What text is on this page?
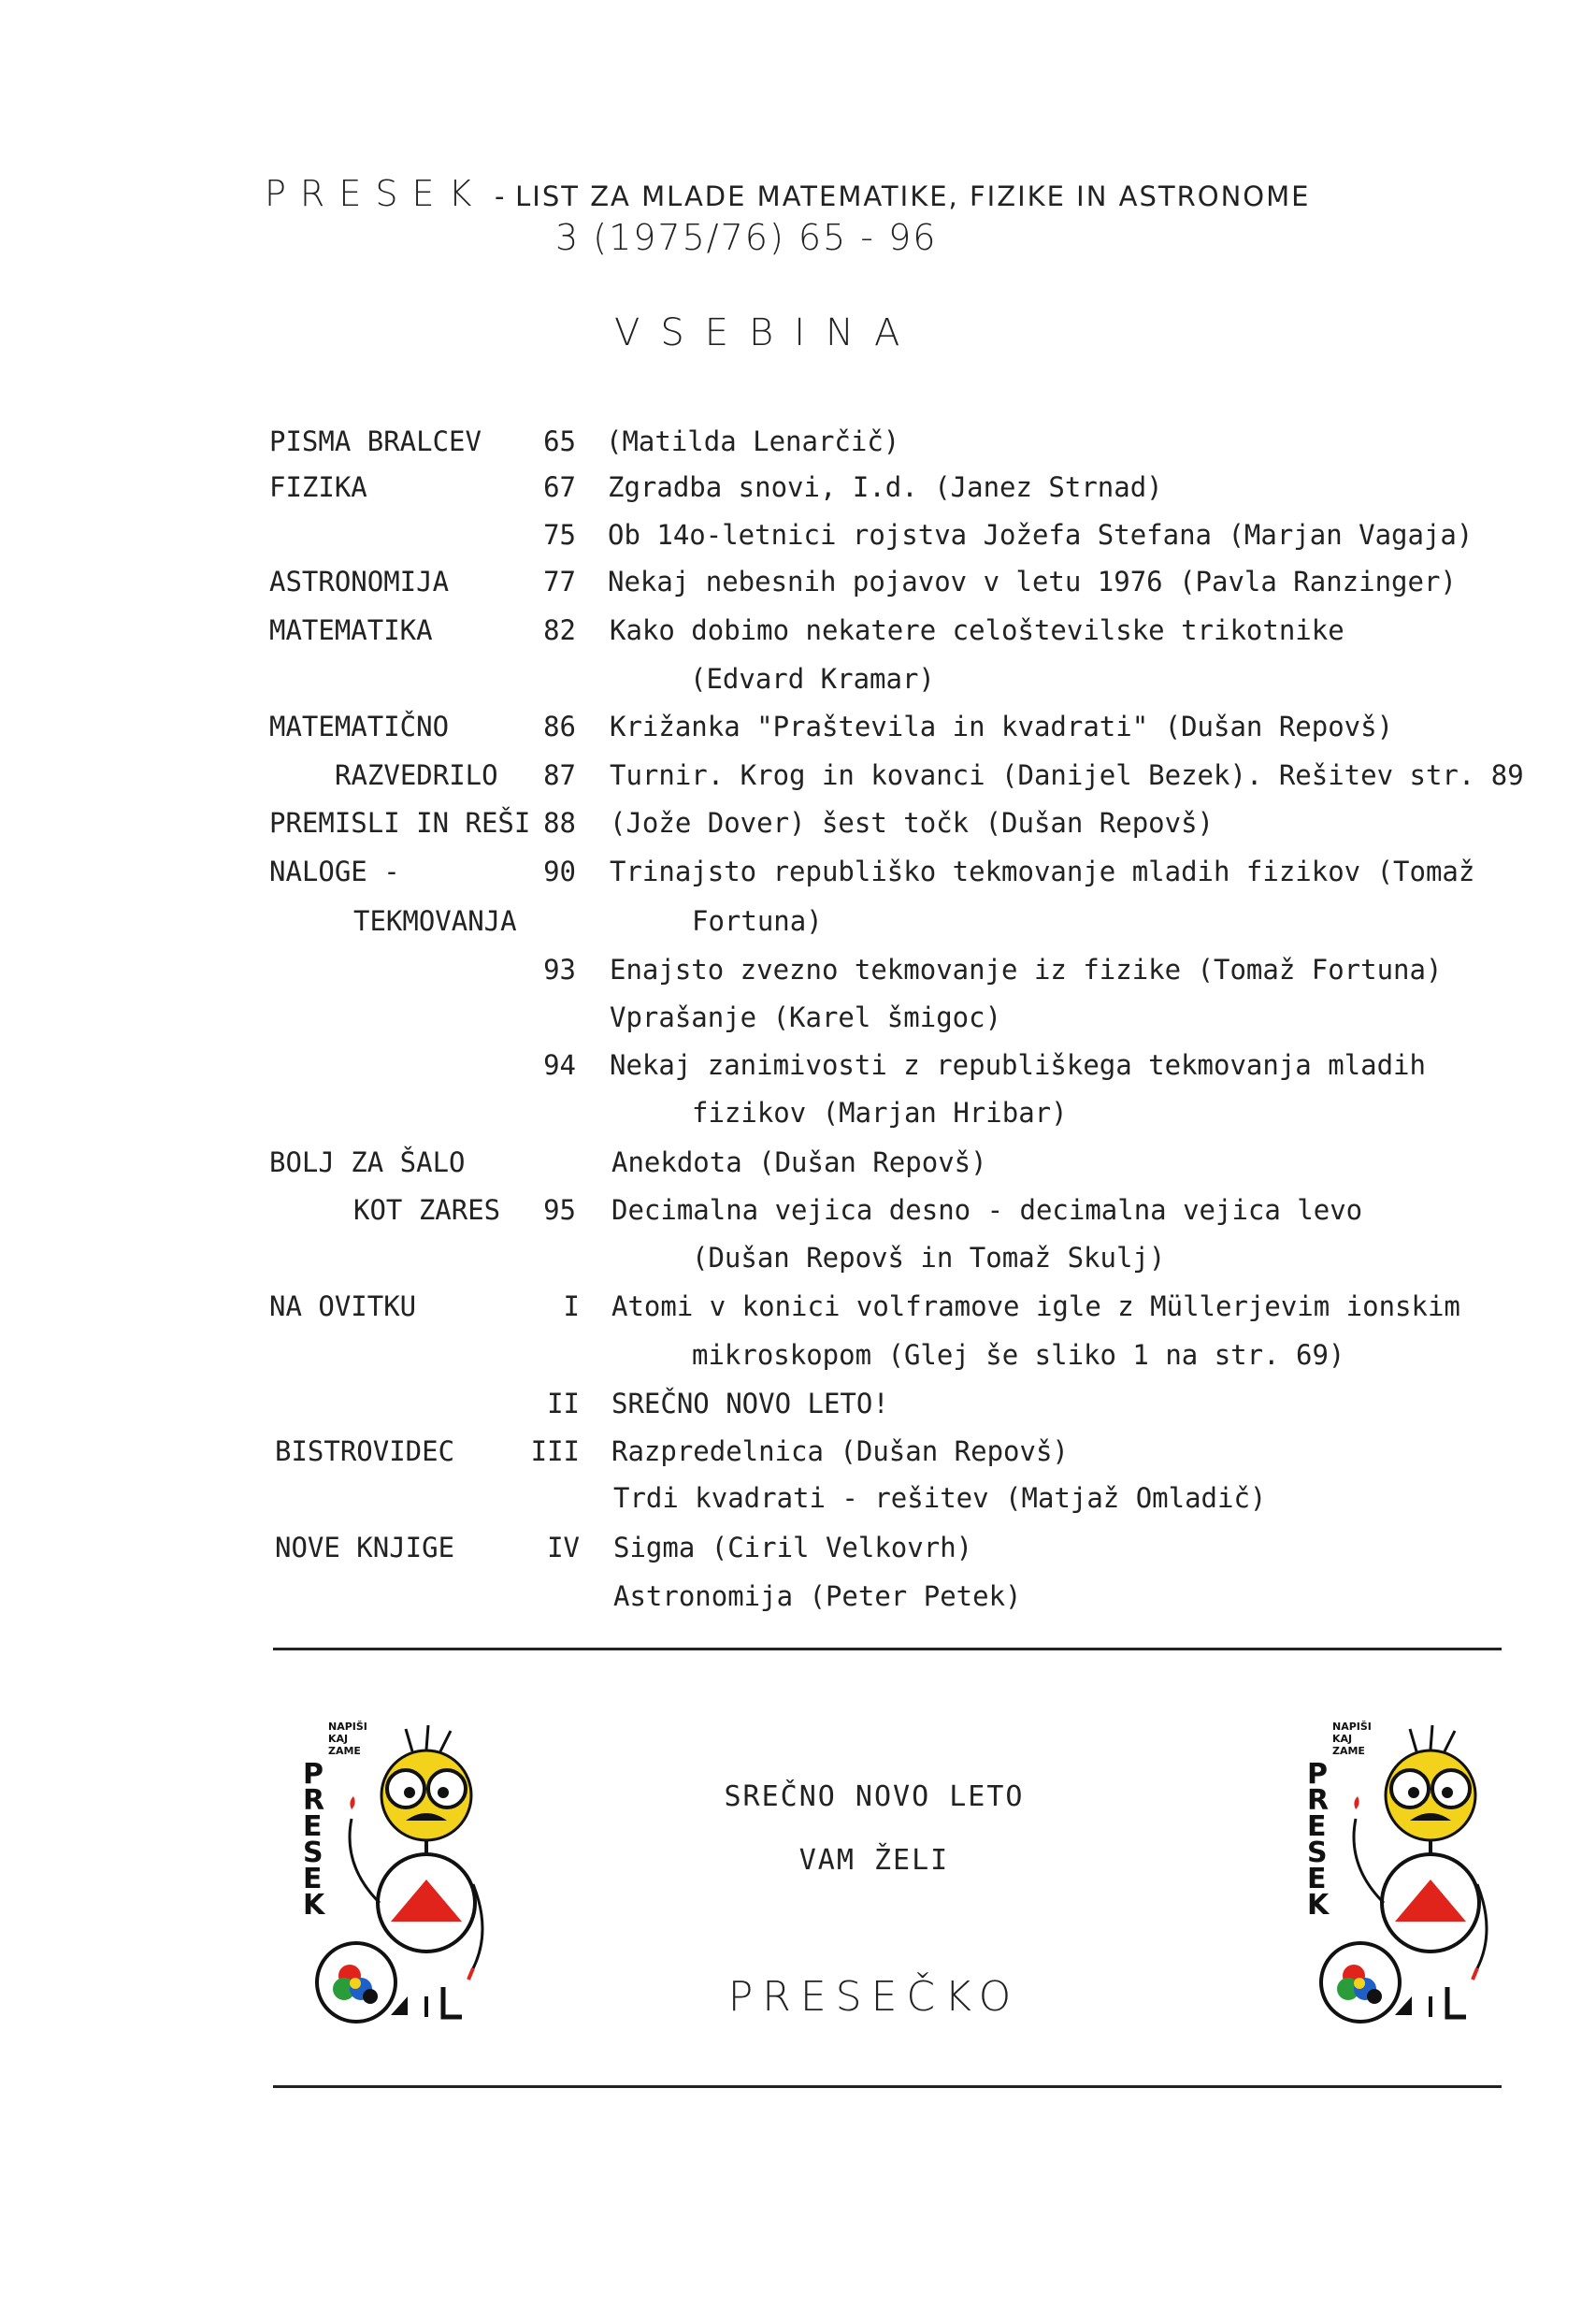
PRESEK - LIST ZA MLADE MATEMATIKE, FIZIKE IN ASTRONOME
3 (1975/76) 65 - 96
VSEBINA
PISMA BRALCEV	65 (Matilda Lenarčič)
FIZIKA	67 Zgradba snovi, I.d. (Janez Strnad)
75 Ob 14o-letnici rojstva Jožefa Stefana (Marjan Vagaja)
ASTRONOMIJA	77 Nekaj nebesnih pojavov v letu 1976 (Pavla Ranzinger)
MATEMATIKA	82 Kako dobimo nekatere celoštevilske trikotnike
(Edvard Kramar)
MATEMATIČNO	86 Križanka "Praštevila in kvadrati" (Dušan Repovš)
RAZVEDRILO	87 Turnir. Krog in kovanci (Danijel Bezek). Rešitev str. 89
PREMISLI IN REŠI 88 (Jože Dover) šest točk (Dušan Repovš)
NALOGE -	90 Trinajsto republiško tekmovanje mladih fizikov (Tomaž
TEKMOVANJA	Fortuna)
93 Enajsto zvezno tekmovanje iz fizike (Tomaž Fortuna)
Vprašanje (Karel šmigoc)
94 Nekaj zanimivosti z republiškega tekmovanja mladih
fizikov (Marjan Hribar)
BOLJ ZA ŠALO	Anekdota (Dušan Repovš)
KOT ZARES	95 Decimalna vejica desno - decimalna vejica levo
(Dušan Repovš in Tomaž Skulj)
NA OVITKU	I Atomi v konici volframove igle z Müllerjevim ionskim
mikroskopom (Glej še sliko 1 na str. 69)
II SREČNO NOVO LETO!
BISTROVIDEC	III Razpredelnica (Dušan Repovš)
Trdi kvadrati - rešitev (Matjaž Omladič)
NOVE KNJIGE	IV Sigma (Ciril Velkovrh)
Astronomija (Peter Petek)
NAPIŠI
KAJ
ZAME
P
R
E
S
E
K
NAPIŠI
KAJ
ZAME
P
R
E
S
E
K
SREČNO NOVO LETO
VAM ŽELI
PRESEČKO
